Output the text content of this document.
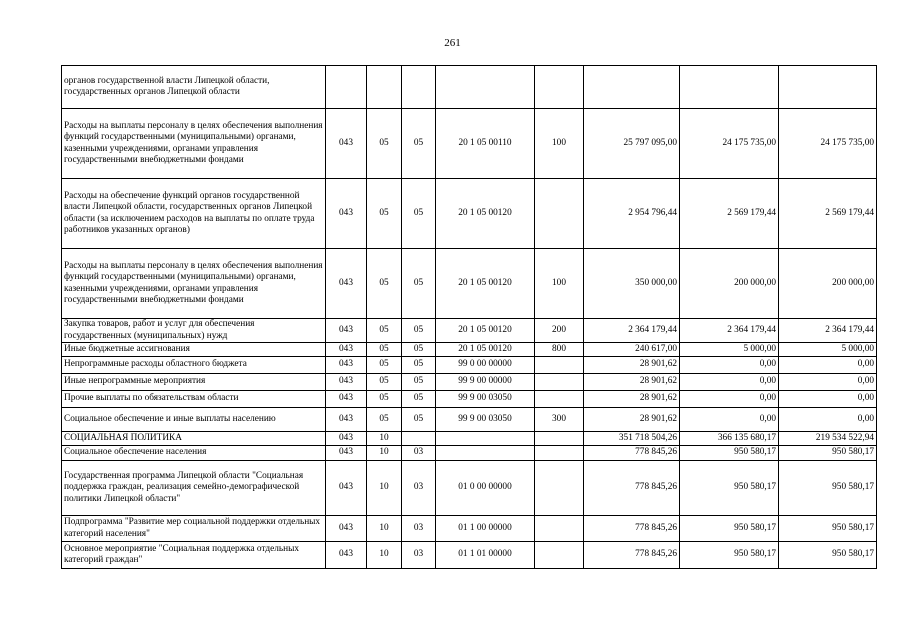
261
органов государственной власти Липецкой области, государственных органов Липецкой области								
Расходы на выплаты персоналу в целях обеспечения выполнения функций государственными (муниципальными) органами, казенными учреждениями, органами управления государственными внебюджетными фондами	043	05	05	20 1 05 00110	100	25 797 095,00	24 175 735,00	24 175 735,00
Расходы на обеспечение функций органов государственной власти Липецкой области, государственных органов Липецкой области (за исключением расходов на выплаты по оплате труда работников указанных органов)	043	05	05	20 1 05 00120		2 954 796,44	2 569 179,44	2 569 179,44
Расходы на выплаты персоналу в целях обеспечения выполнения функций государственными (муниципальными) органами, казенными учреждениями, органами управления государственными внебюджетными фондами	043	05	05	20 1 05 00120	100	350 000,00	200 000,00	200 000,00
Закупка товаров, работ и услуг для обеспечения государственных (муниципальных) нужд	043	05	05	20 1 05 00120	200	2 364 179,44	2 364 179,44	2 364 179,44
Иные бюджетные ассигнования	043	05	05	20 1 05 00120	800	240 617,00	5 000,00	5 000,00
Непрограммные расходы областного бюджета	043	05	05	99 0 00 00000		28 901,62	0,00	0,00
Иные непрограммные мероприятия	043	05	05	99 9 00 00000		28 901,62	0,00	0,00
Прочие выплаты по обязательствам области	043	05	05	99 9 00 03050		28 901,62	0,00	0,00
Социальное обеспечение и иные выплаты населению	043	05	05	99 9 00 03050	300	28 901,62	0,00	0,00
СОЦИАЛЬНАЯ ПОЛИТИКА	043	10				351 718 504,26	366 135 680,17	219 534 522,94
Социальное обеспечение населения	043	10	03			778 845,26	950 580,17	950 580,17
Государственная программа Липецкой области "Социальная поддержка граждан, реализация семейно-демографической политики Липецкой области"	043	10	03	01 0 00 00000		778 845,26	950 580,17	950 580,17
Подпрограмма "Развитие мер социальной поддержки отдельных категорий населения"	043	10	03	01 1 00 00000		778 845,26	950 580,17	950 580,17
Основное мероприятие "Социальная поддержка отдельных категорий граждан"	043	10	03	01 1 01 00000		778 845,26	950 580,17	950 580,17
